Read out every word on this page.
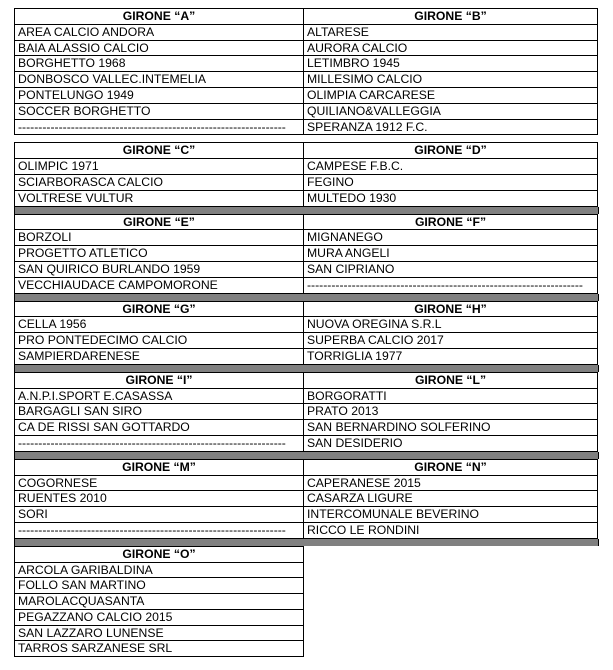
GIRONE “A”	GIRONE “B”
AREA CALCIO ANDORA	ALTARESE
BAIA ALASSIO CALCIO	AURORA CALCIO
BORGHETTO 1968	LETIMBRO 1945
DONBOSCO VALLEC.INTEMELIA	MILLESIMO CALCIO
PONTELUNGO 1949	OLIMPIA CARCARESE
SOCCER BORGHETTO	QUILIANO&VALLEGGIA
------------------------------------------------------------------	SPERANZA 1912 F.C.
GIRONE “C”	GIRONE “D”
OLIMPIC 1971	CAMPESE F.B.C.
SCIARBORASCA CALCIO	FEGINO
VOLTRESE VULTUR	MULTEDO 1930
GIRONE “E”	GIRONE “F”
BORZOLI	MIGNANEGO
PROGETTO ATLETICO	MURA ANGELI
SAN QUIRICO BURLANDO 1959	SAN CIPRIANO
VECCHIAUDACE CAMPOMORONE	--------------------------------------------------------------------
GIRONE “G”	GIRONE “H”
CELLA 1956	NUOVA OREGINA S.R.L
PRO PONTEDECIMO CALCIO	SUPERBA CALCIO 2017
SAMPIERDARENESE	TORRIGLIA 1977
GIRONE “I”	GIRONE “L”
A.N.P.I.SPORT E.CASASSA	BORGORATTI
BARGAGLI SAN SIRO	PRATO 2013
CA DE RISSI SAN GOTTARDO	SAN BERNARDINO SOLFERINO
------------------------------------------------------------------	SAN DESIDERIO
GIRONE “M”	GIRONE “N”
COGORNESE	CAPERANESE 2015
RUENTES 2010	CASARZA LIGURE
SORI	INTERCOMUNALE BEVERINO
------------------------------------------------------------------	RICCO LE RONDINI
GIRONE “O”
ARCOLA GARIBALDINA
FOLLO SAN MARTINO
MAROLACQUASANTA
PEGAZZANO CALCIO 2015
SAN LAZZARO LUNENSE
TARROS SARZANESE SRL
